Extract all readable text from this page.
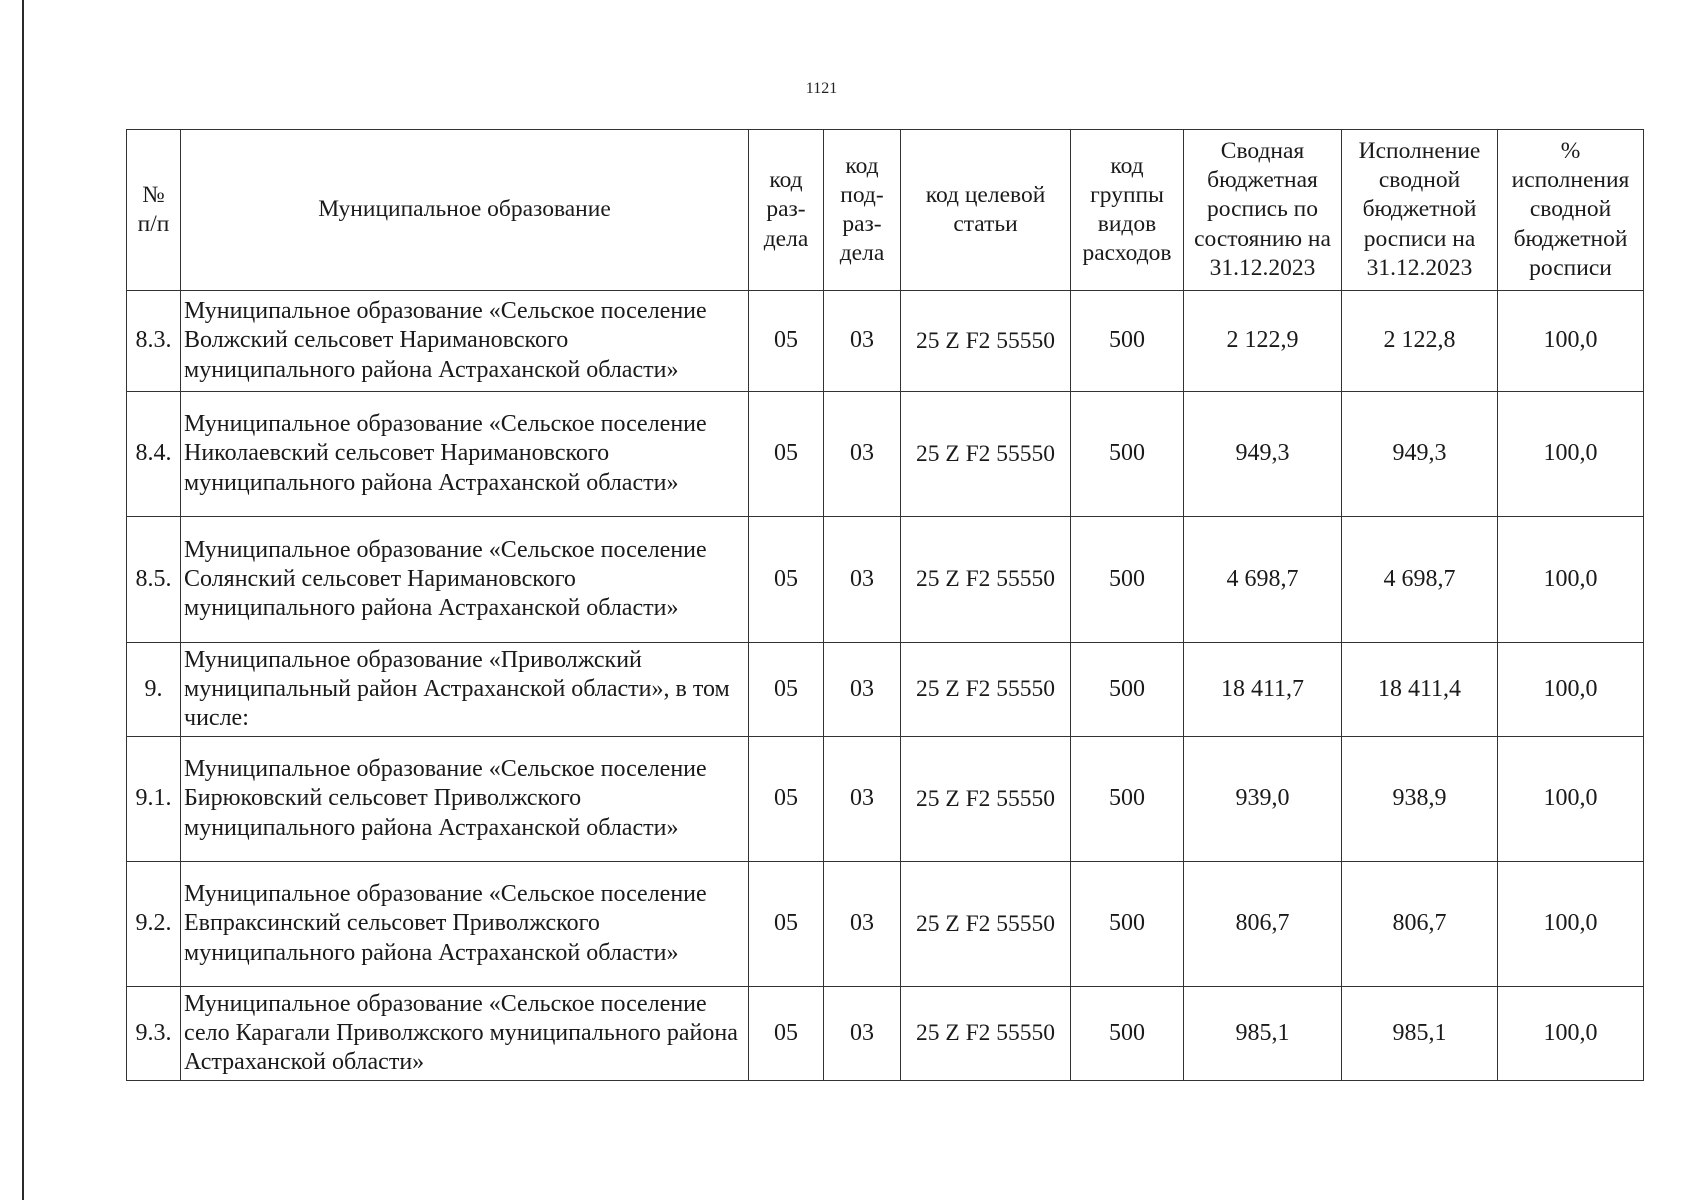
1121
№ п/п	Муниципальное образование	код раз-дела	код под-раз-дела	код целевой статьи	код группы видов расходов	Сводная бюджетная роспись по состоянию на 31.12.2023	Исполнение сводной бюджетной росписи на 31.12.2023	% исполнения сводной бюджетной росписи
8.3.	Муниципальное образование «Сельское поселение Волжский сельсовет Наримановского муниципального района Астраханской области»	05	03	25 Z F2 55550	500	2 122,9	2 122,8	100,0
8.4.	Муниципальное образование «Сельское поселение Николаевский сельсовет Наримановского муниципального района Астраханской области»	05	03	25 Z F2 55550	500	949,3	949,3	100,0
8.5.	Муниципальное образование «Сельское поселение Солянский сельсовет Наримановского муниципального района Астраханской области»	05	03	25 Z F2 55550	500	4 698,7	4 698,7	100,0
9.	Муниципальное образование «Приволжский муниципальный район Астраханской области», в том числе:	05	03	25 Z F2 55550	500	18 411,7	18 411,4	100,0
9.1.	Муниципальное образование «Сельское поселение Бирюковский сельсовет Приволжского муниципального района Астраханской области»	05	03	25 Z F2 55550	500	939,0	938,9	100,0
9.2.	Муниципальное образование «Сельское поселение Евпраксинский сельсовет Приволжского муниципального района Астраханской области»	05	03	25 Z F2 55550	500	806,7	806,7	100,0
9.3.	Муниципальное образование «Сельское поселение село Карагали Приволжского муниципального района Астраханской области»	05	03	25 Z F2 55550	500	985,1	985,1	100,0
